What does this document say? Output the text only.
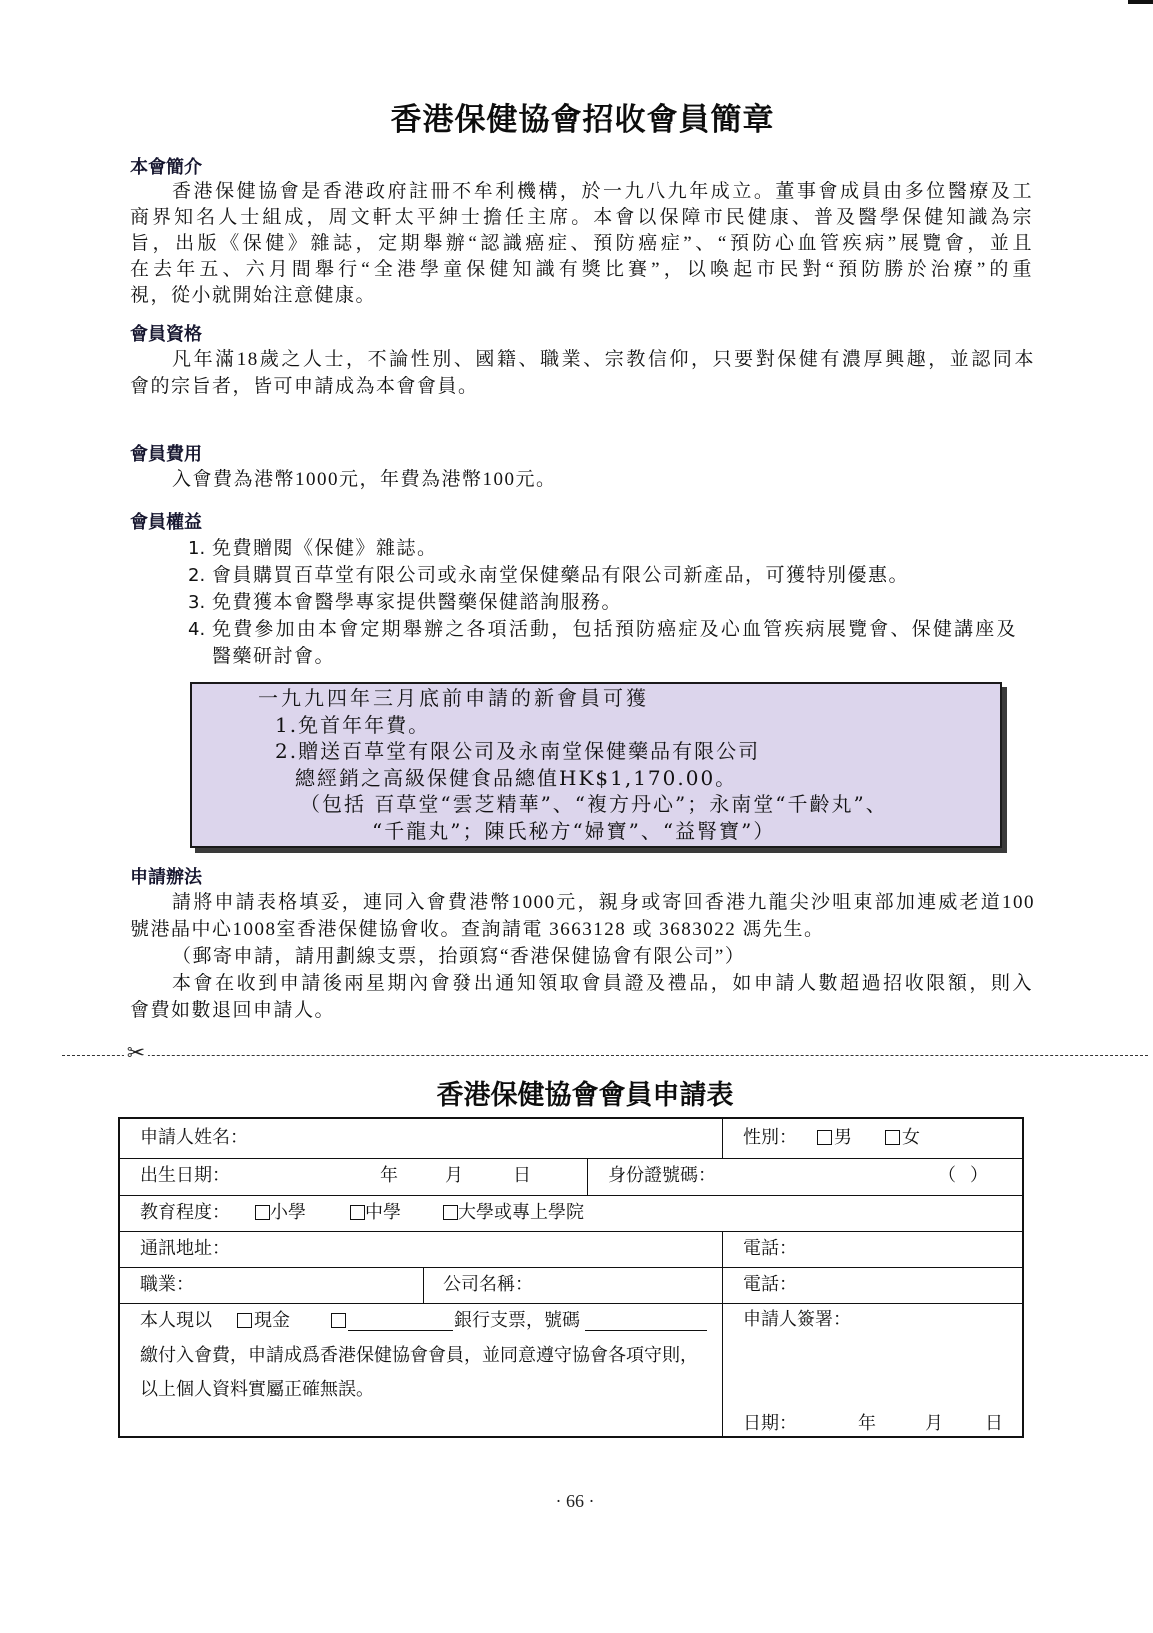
香港保健協會招收會員簡章
本會簡介
香港保健協會是香港政府註冊不牟利機構，於一九八九年成立。董事會成員由多位醫療及工
商界知名人士組成，周文軒太平紳士擔任主席。本會以保障市民健康、普及醫學保健知識為宗
旨，出版《保健》雜誌，定期舉辦“認識癌症、預防癌症”、“預防心血管疾病”展覽會，並且
在去年五、六月間舉行“全港學童保健知識有獎比賽”，以喚起市民對“預防勝於治療”的重
視，從小就開始注意健康。
會員資格
凡年滿18歲之人士，不論性別、國籍、職業、宗教信仰，只要對保健有濃厚興趣，並認同本
會的宗旨者，皆可申請成為本會會員。
會員費用
入會費為港幣1000元，年費為港幣100元。
會員權益
1. 免費贈閱《保健》雜誌。
2. 會員購買百草堂有限公司或永南堂保健藥品有限公司新產品，可獲特別優惠。
3. 免費獲本會醫學專家提供醫藥保健諮詢服務。
4. 免費參加由本會定期舉辦之各項活動，包括預防癌症及心血管疾病展覽會、保健講座及
醫藥研討會。
一九九四年三月底前申請的新會員可獲
1.免首年年費。
2.贈送百草堂有限公司及永南堂保健藥品有限公司
總經銷之高級保健食品總值HK$1,170.00。
（包括 百草堂“雲芝精華”、“複方丹心”；永南堂“千齡丸”、
“千龍丸”；陳氏秘方“婦寶”、“益腎寶”）
申請辦法
請將申請表格填妥，連同入會費港幣1000元，親身或寄回香港九龍尖沙咀東部加連威老道100
號港晶中心1008室香港保健協會收。查詢請電 3663128 或 3683022 馮先生。
（郵寄申請，請用劃線支票，抬頭寫“香港保健協會有限公司”）
本會在收到申請後兩星期內會發出通知領取會員證及禮品，如申請人數超過招收限額，則入
會費如數退回申請人。
✂
香港保健協會會員申請表
申請人姓名：	性別： 男	女
出生日期：	年	月	日	身份證號碼：	（ ）
教育程度： 小學	中學	大學或專上學院
通訊地址：	電話：
職業：	公司名稱：	電話：
本人現以 現金	銀行支票，號碼
繳付入會費，申請成爲香港保健協會會員，並同意遵守協會各項守則，
以上個人資料實屬正確無誤。
申請人簽署：
日期：	年	月 日
· 66 ·
